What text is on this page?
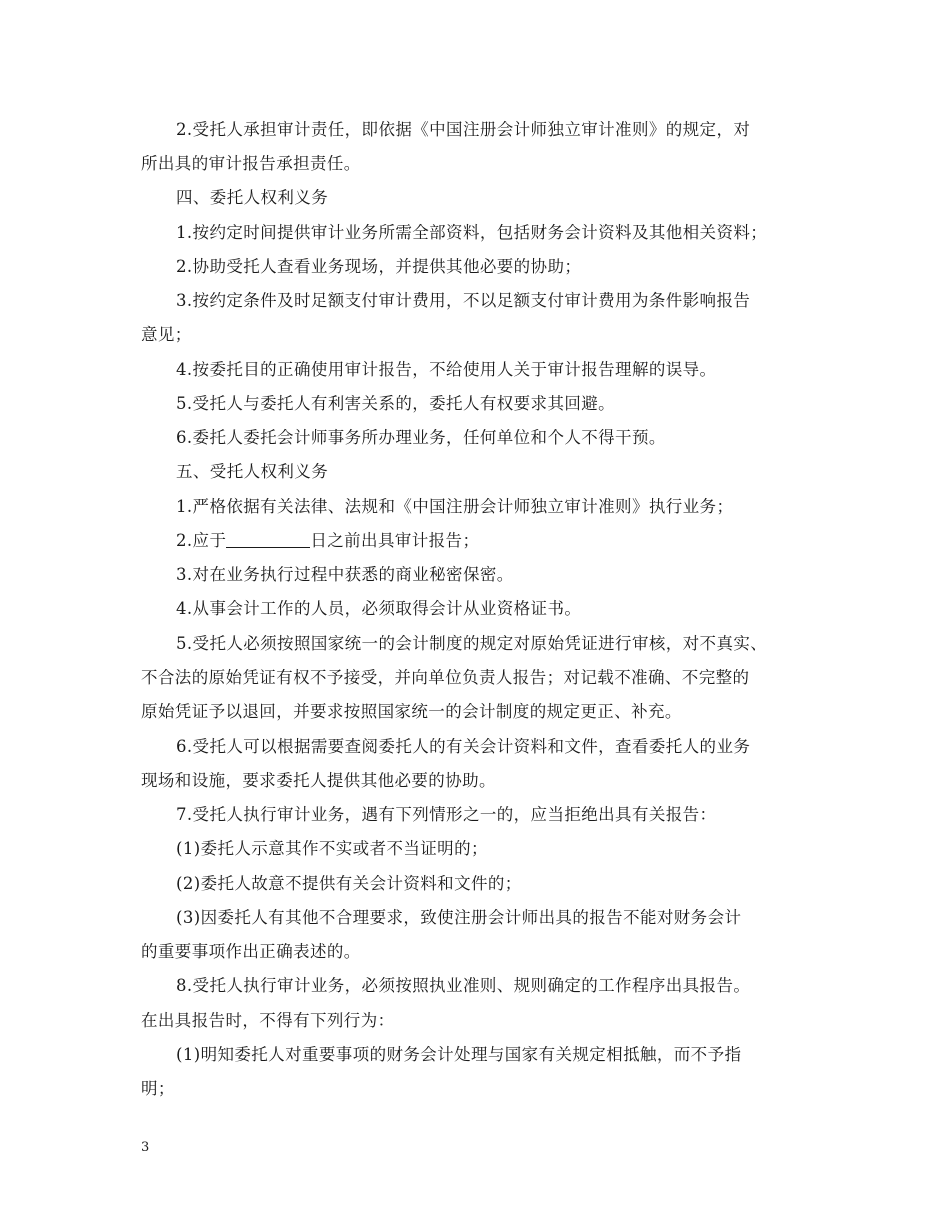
2.受托人承担审计责任，即依据《中国注册会计师独立审计准则》的规定，对

所出具的审计报告承担责任。

四、委托人权利义务

1.按约定时间提供审计业务所需全部资料，包括财务会计资料及其他相关资料；

2.协助受托人查看业务现场，并提供其他必要的协助；

3.按约定条件及时足额支付审计费用，不以足额支付审计费用为条件影响报告

意见；

4.按委托目的正确使用审计报告，不给使用人关于审计报告理解的误导。

5.受托人与委托人有利害关系的，委托人有权要求其回避。

6.委托人委托会计师事务所办理业务，任何单位和个人不得干预。

五、受托人权利义务

1.严格依据有关法律、法规和《中国注册会计师独立审计准则》执行业务；

2.应于	日之前出具审计报告；

3.对在业务执行过程中获悉的商业秘密保密。

4.从事会计工作的人员，必须取得会计从业资格证书。

5.受托人必须按照国家统一的会计制度的规定对原始凭证进行审核，对不真实、

不合法的原始凭证有权不予接受，并向单位负责人报告；对记载不准确、不完整的

原始凭证予以退回，并要求按照国家统一的会计制度的规定更正、补充。

6.受托人可以根据需要查阅委托人的有关会计资料和文件，查看委托人的业务

现场和设施，要求委托人提供其他必要的协助。

7.受托人执行审计业务，遇有下列情形之一的，应当拒绝出具有关报告：

(1)委托人示意其作不实或者不当证明的；

(2)委托人故意不提供有关会计资料和文件的；

(3)因委托人有其他不合理要求，致使注册会计师出具的报告不能对财务会计

的重要事项作出正确表述的。

8.受托人执行审计业务，必须按照执业准则、规则确定的工作程序出具报告。

在出具报告时，不得有下列行为：

(1)明知委托人对重要事项的财务会计处理与国家有关规定相抵触，而不予指

明；

3
